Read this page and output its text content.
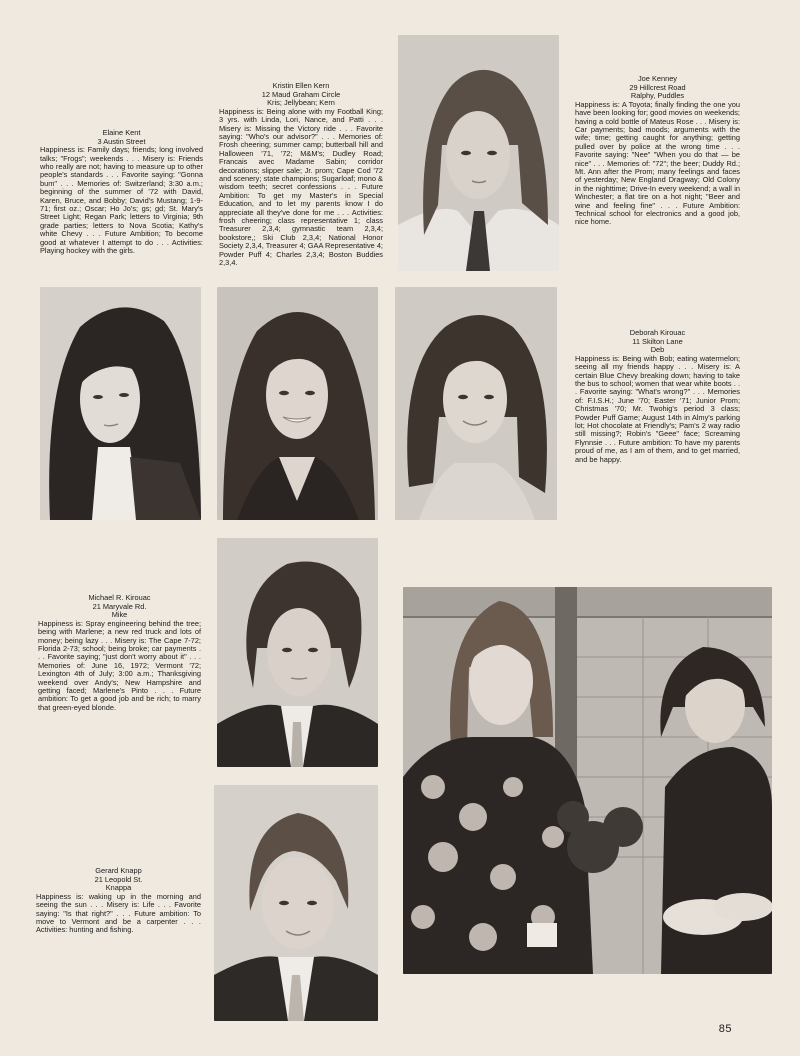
Elaine Kent
3 Austin Street
Happiness is: Family days; friends; long involved talks; "Frogs"; weekends . . . Misery is: Friends who really are not; having to measure up to other people's standards . . . Favorite saying: "Gonna bum" . . . Memories of: Switzerland; 3:30 a.m.; beginning of the summer of '72 with David, Karen, Bruce, and Bobby; David's Mustang; 1-9-71; first oz.; Oscar; Ho Jo's; gs; gd; St. Mary's Street Light; Regan Park; letters to Virginia; 9th grade parties; letters to Nova Scotia; Kathy's white Chevy . . . Future Ambition; To become good at whatever I attempt to do . . . Activities: Playing hockey with the girls.
Kristin Ellen Kern
12 Maud Graham Circle
Kris; Jellybean; Kern
Happiness is: Being alone with my Football King; 3 yrs. with Linda, Lori, Nance, and Patti . . . Misery is: Missing the Victory ride . . . Favorite saying: "Who's our advisor?" . . . Memories of: Frosh cheering; summer camp; butterball hill and Halloween '71, '72; M&M's; Dudley Road; Francais avec Madame Sabin; corridor decorations; slipper sale; Jr. prom; Cape Cod '72 and scenery; state champions; Sugarloaf; mono & wisdom teeth; secret confessions . . . Future Ambition: To get my Master's in Special Education, and to let my parents know I do appreciate all they've done for me . . . Activities: frosh cheering; class representative 1; class Treasurer 2,3,4; gymnastic team 2,3,4; bookstore,; Ski Club 2,3,4; National Honor Society 2,3,4, Treasurer 4; GAA Representative 4; Powder Puff 4; Charles 2,3,4; Boston Buddies 2,3,4.
Joe Kenney
29 Hillcrest Road
Ralphy, Puddles
Happiness is: A Toyota; finally finding the one you have been looking for; good movies on weekends; having a cold bottle of Mateus Rose . . . Misery is: Car payments; bad moods; arguments with the wife; time; getting caught for anything; getting pulled over by police at the wrong time . . . Favorite saying: "Nee" "When you do that — be nice" . . . Memories of: "72"; the beer; Duddy Rd.; Mt. Ann after the Prom; many feelings and faces of yesterday; New England Dragway; Old Colony in the nighttime; Drive-In every weekend; a wall in Winchester; a flat tire on a hot night; "Beer and wine and feeling fine" . . . Future Ambition: Technical school for electronics and a good job, nice home.
Deborah Kirouac
11 Skilton Lane
Deb
Happiness is: Being with Bob; eating watermelon; seeing all my friends happy . . . Misery is: A certain Blue Chevy breaking down; having to take the bus to school; women that wear white boots . . . Favorite saying: "What's wrong?" . . . Memories of: F.I.S.H.; June '70; Easter '71; Junior Prom; Christmas '70; Mr. Twohig's period 3 class; Powder Puff Game; August 14th in Almy's parking lot; Hot chocolate at Friendly's; Pam's 2 way radio still missing?; Robin's "Geee" face; Screaming Flynnsie . . . Future ambition: To have my parents proud of me, as I am of them, and to get married, and be happy.
Michael R. Kirouac
21 Maryvale Rd.
Mike
Happiness is: Spray engineering behind the tree; being with Marlene; a new red truck and lots of money; being lazy . . . Misery is: The Cape 7-72; Florida 2-73; school; being broke; car payments . . . Favorite saying; "just don't worry about it" . . . Memories of: June 16, 1972; Vermont '72; Lexington 4th of July; 3:00 a.m.; Thanksgiving weekend over Andy's; New Hampshire and getting faced; Marlene's Pinto . . . Future ambition: To get a good job and be rich; to marry that green-eyed blonde.
Gerard Knapp
21 Leopold St.
Knappa
Happiness is: waking up in the morning and seeing the sun . . . Misery is: Life . . . Favorite saying: "Is that right?" . . . Future ambition: To move to Vermont and be a carpenter . . . Activities: hunting and fishing.
85
